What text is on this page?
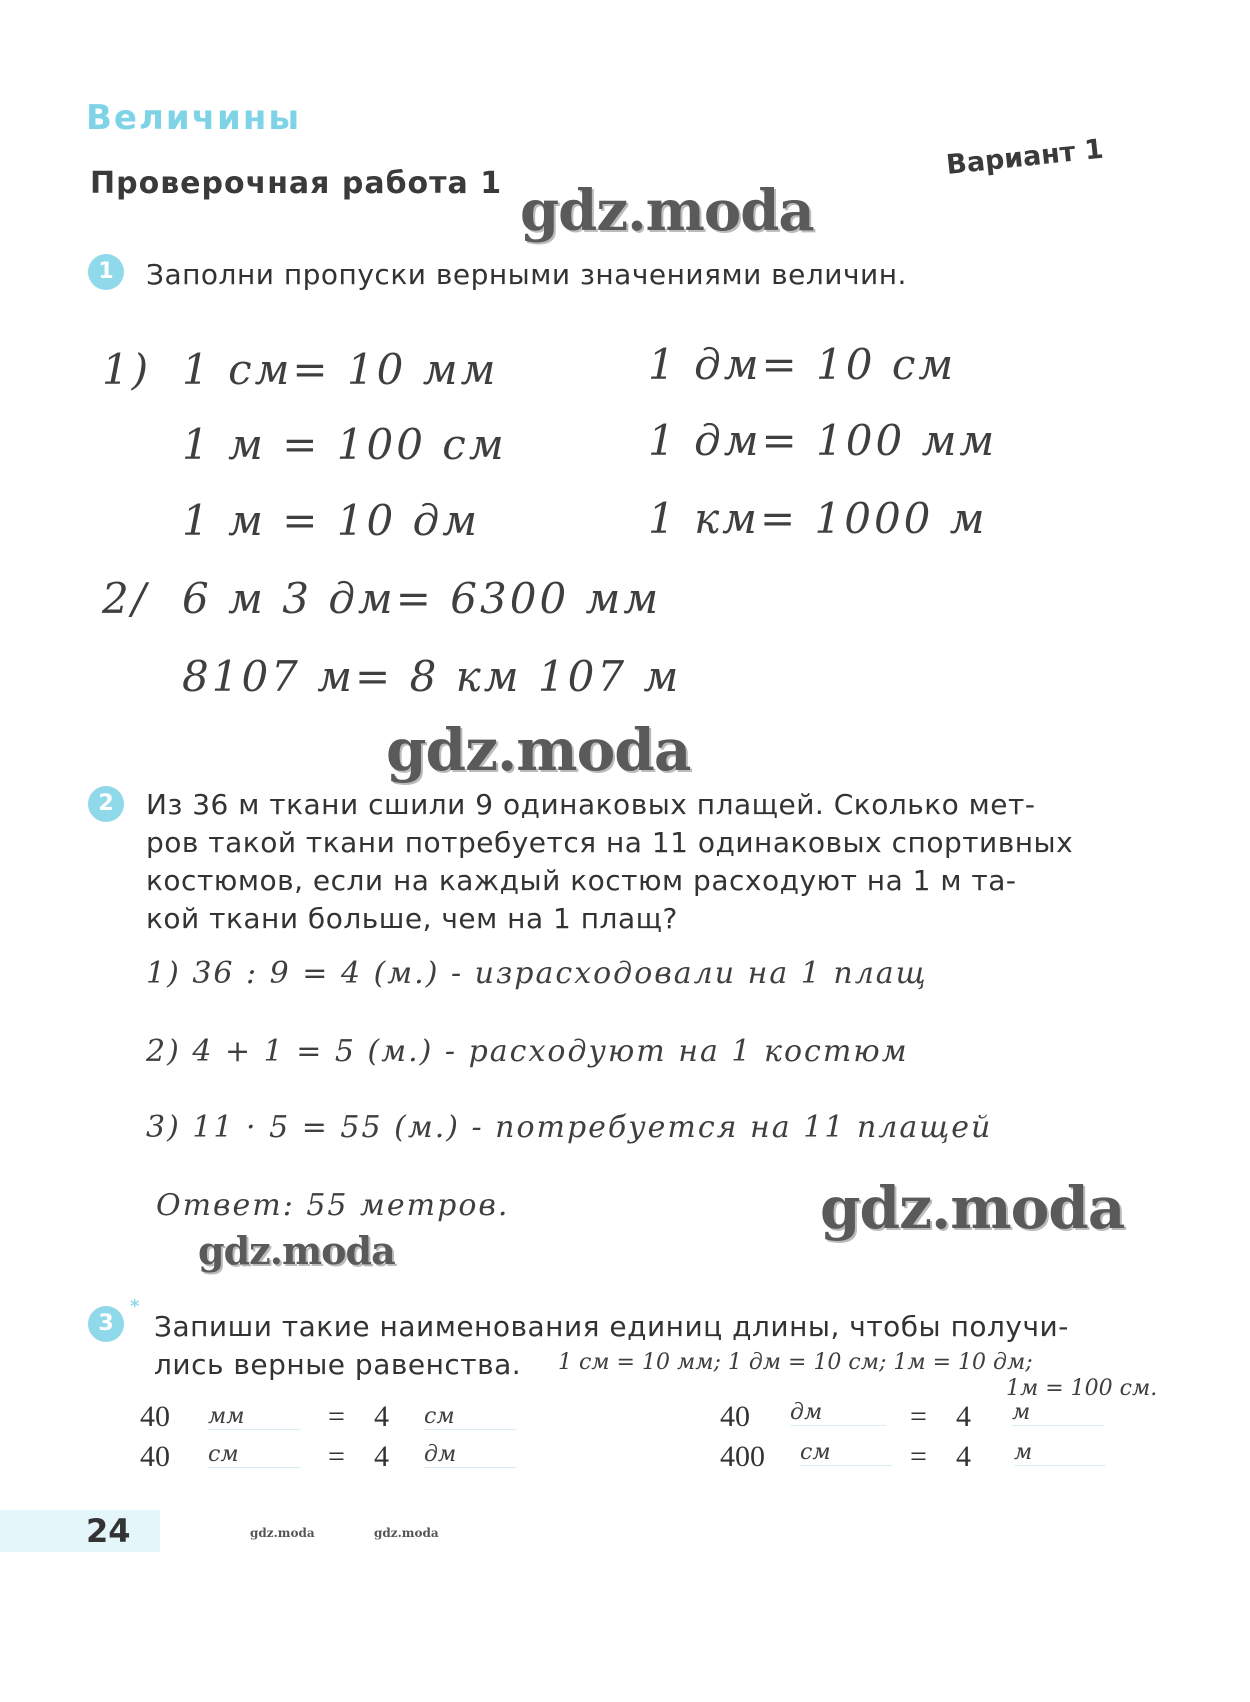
Величины
Проверочная работа 1
Вариант 1
gdz.moda
1	Заполни пропуски верными значениями величин.
1) 1 см= 10 мм	1 дм= 10 см
1 м = 100 см	1 дм= 100 мм
1 м = 10 дм	1 км= 1000 м
2/ 6 м 3 дм= 6300 мм
8107 м= 8 км 107 м
gdz.moda
2	Из 36 м ткани сшили 9 одинаковых плащей. Сколько мет-
ров такой ткани потребуется на 11 одинаковых спортивных
костюмов, если на каждый костюм расходуют на 1 м та-
кой ткани больше, чем на 1 плащ?
1) 36 : 9 = 4 (м.) - израсходовали на 1 плащ
2) 4 + 1 = 5 (м.) - расходуют на 1 костюм
3) 11 · 5 = 55 (м.) - потребуется на 11 плащей
Ответ: 55 метров.	gdz.moda
gdz.moda
3
*
Запиши такие наименования единиц длины, чтобы получи-
лись верные равенства. 1 см = 10 мм; 1 дм = 10 см; 1м = 10 дм;
1м = 100 см.
40 мм	= 4 см	40 дм	= 4 м
40 см	= 4 дм	400 см	= 4 м
24	gdz.moda	gdz.moda
